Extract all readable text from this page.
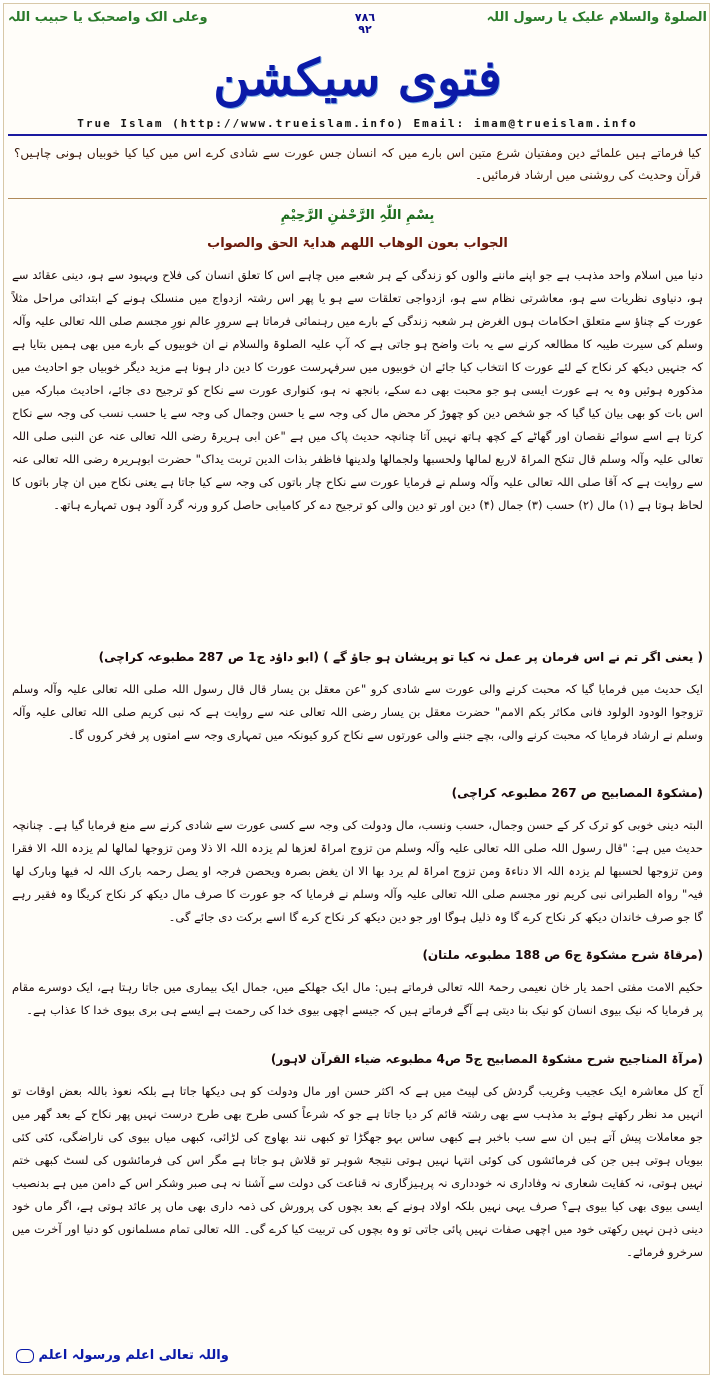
الصلوۃ والسلام علیک یا رسول اللہ
٧٨٦
٩٢
وعلی الک واصحبک یا حبیب اللہ
فتوی سیکشن
True Islam (http://www.trueislam.info) Email: imam@trueislam.info
کیا فرماتے ہیں علمائے دین ومفتیان شرع متین اس بارے میں کہ انسان جس عورت سے شادی کرے اس میں کیا کیا خوبیاں ہونی چاہیں؟ قرآن وحدیث کی روشنی میں ارشاد فرمائیں۔
بِسْمِ اللّٰہِ الرَّحْمٰنِ الرَّحِیْمِ
الجواب بعون الوھاب اللھم ھدایۃ الحق والصواب
دنیا میں اسلام واحد مذہب ہے جو اپنے ماننے والوں کو زندگی کے ہر شعبے میں چاہے اس کا تعلق انسان کی فلاح وبہبود سے ہو، دینی عقائد سے ہو، دنیاوی نظریات سے ہو، معاشرتی نظام سے ہو، ازدواجی تعلقات سے ہو یا پھر اس رشتہ ازدواج میں منسلک ہونے کے ابتدائی مراحل مثلاً عورت کے چناؤ سے متعلق احکامات ہوں الغرض ہر شعبہ زندگی کے بارے میں رہنمائی فرماتا ہے سرورِ عالم نورِ مجسم صلی اللہ تعالی علیہ وآلہ وسلم کی سیرت طیبہ کا مطالعہ کرنے سے یہ بات واضح ہو جاتی ہے کہ آپ علیہ الصلوۃ والسلام نے ان خوبیوں کے بارے میں بھی ہمیں بتایا ہے کہ جنہیں دیکھ کر نکاح کے لئے عورت کا انتخاب کیا جائے ان خوبیوں میں سرفہرست عورت کا دین دار ہونا ہے مزید دیگر خوبیاں جو احادیث میں مذکورہ ہوئیں وہ یہ ہے عورت ایسی ہو جو محبت بھی دے سکے، بانجھ نہ ہو، کنواری عورت سے نکاح کو ترجیح دی جائے، احادیث مبارکہ میں اس بات کو بھی بیان کیا گیا کہ جو شخص دین کو چھوڑ کر محض مال کی وجہ سے یا حسن وجمال کی وجہ سے یا حسب نسب کی وجہ سے نکاح کرتا ہے اسے سوائے نقصان اور گھاٹے کے کچھ ہاتھ نہیں آتا چنانچہ حدیث پاک میں ہے "عن ابی ہریرۃ رضی اللہ تعالی عنہ عن النبی صلی اللہ تعالی علیہ وآلہ وسلم قال تنکح المراۃ لاربع لمالھا ولحسبھا ولجمالھا ولدینھا فاظفر بذات الدین تربت یداک" حضرت ابوہریرہ رضی اللہ تعالی عنہ سے روایت ہے کہ آقا صلی اللہ تعالی علیہ وآلہ وسلم نے فرمایا عورت سے نکاح چار باتوں کی وجہ سے کیا جاتا ہے یعنی نکاح میں ان چار باتوں کا لحاظ ہوتا ہے (۱) مال (۲) حسب (۳) جمال (۴) دین اور تو دین والی کو ترجیح دے کر کامیابی حاصل کرو ورنہ گرد آلود ہوں تمہارے ہاتھ۔
( یعنی اگر تم نے اس فرمان پر عمل نہ کیا تو پریشان ہو جاؤ گے ) (ابو داؤد ج1 ص 287 مطبوعہ کراچی)
ایک حدیث میں فرمایا گیا کہ محبت کرنے والی عورت سے شادی کرو "عن معقل بن یسار قال قال رسول اللہ صلی اللہ تعالی علیہ وآلہ وسلم تزوجوا الودود الولود فانی مکاثر بکم الامم" حضرت معقل بن یسار رضی اللہ تعالی عنہ سے روایت ہے کہ نبی کریم صلی اللہ تعالی علیہ وآلہ وسلم نے ارشاد فرمایا کہ محبت کرنے والی، بچے جننے والی عورتوں سے نکاح کرو کیونکہ میں تمہاری وجہ سے امتوں پر فخر کروں گا۔
(مشکوۃ المصابیح ص 267 مطبوعہ کراچی)
البتہ دینی خوبی کو ترک کر کے حسن وجمال، حسب ونسب، مال ودولت کی وجہ سے کسی عورت سے شادی کرنے سے منع فرمایا گیا ہے۔ چنانچہ حدیث میں ہے: "قال رسول اللہ صلی اللہ تعالی علیہ وآلہ وسلم من تزوج امراۃ لعزھا لم یزدہ اللہ الا ذلا ومن تزوجھا لمالھا لم یزدہ اللہ الا فقرا ومن تزوجھا لحسبھا لم یزدہ اللہ الا دناءۃ ومن تزوج امراۃ لم یرد بھا الا ان یغض بصرہ ویحصن فرجہ او یصل رحمہ بارک اللہ لہ فیھا وبارک لھا فیہ" رواہ الطبرانی نبی کریم نور مجسم صلی اللہ تعالی علیہ وآلہ وسلم نے فرمایا کہ جو عورت کا صرف مال دیکھ کر نکاح کریگا وہ فقیر رہے گا جو صرف خاندان دیکھ کر نکاح کرے گا وہ ذلیل ہوگا اور جو دین دیکھ کر نکاح کرے گا اسے برکت دی جائے گی۔
(مرقاۃ شرح مشکوۃ ج6 ص 188 مطبوعہ ملتان)
حکیم الامت مفتی احمد یار خان نعیمی رحمۃ اللہ تعالی فرماتے ہیں: مال ایک جھلکے میں، جمال ایک بیماری میں جاتا رہتا ہے، ایک دوسرے مقام پر فرمایا کہ نیک بیوی انسان کو نیک بنا دیتی ہے آگے فرماتے ہیں کہ جیسے اچھی بیوی خدا کی رحمت ہے ایسے ہی بری بیوی خدا کا عذاب ہے۔
(مرآۃ المناجیح شرح مشکوۃ المصابیح ج5 ص4 مطبوعہ ضیاء القرآن لاہور)
آج کل معاشرہ ایک عجیب وغریب گردش کی لپیٹ میں ہے کہ اکثر حسن اور مال ودولت کو ہی دیکھا جاتا ہے بلکہ نعوذ باللہ بعض اوقات تو انہیں مد نظر رکھتے ہوئے بد مذہب سے بھی رشتہ قائم کر دیا جاتا ہے جو کہ شرعاً کسی طرح بھی طرح درست نہیں پھر نکاح کے بعد گھر میں جو معاملات پیش آتے ہیں ان سے سب باخبر ہے کبھی ساس بہو جھگڑا تو کبھی نند بھاوج کی لڑائی، کبھی میاں بیوی کی ناراضگی، کئی کئی بیویاں ہوتی ہیں جن کی فرمائشوں کی کوئی انتہا نہیں ہوتی نتیجۃً شوہر تو قلاش ہو جاتا ہے مگر اس کی فرمائشوں کی لسٹ کبھی ختم نہیں ہوتی، نہ کفایت شعاری نہ وفاداری نہ خودداری نہ پرہیزگاری نہ قناعت کی دولت سے آشنا نہ ہی صبر وشکر اس کے دامن میں ہے بدنصیب ایسی بیوی بھی کیا بیوی ہے؟ صرف یہی نہیں بلکہ اولاد ہونے کے بعد بچوں کی پرورش کی ذمہ داری بھی ماں پر عائد ہوتی ہے، اگر ماں خود دینی ذہن نہیں رکھتی خود میں اچھی صفات نہیں پائی جاتی تو وہ بچوں کی تربیت کیا کرے گی۔ اللہ تعالی تمام مسلمانوں کو دنیا اور آخرت میں سرخرو فرمائے۔
واللہ تعالی اعلم ورسولہ اعلم
